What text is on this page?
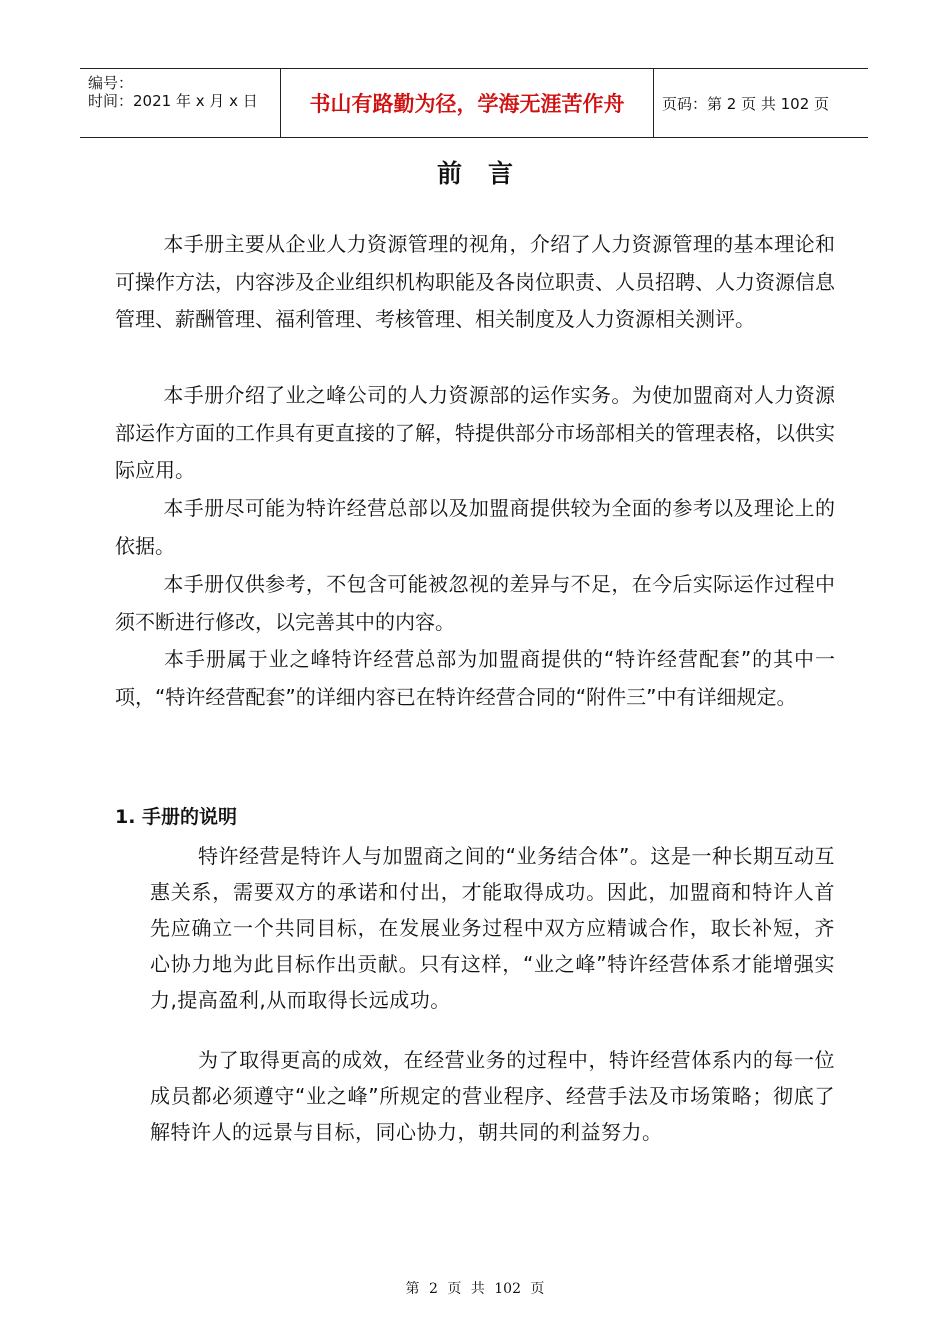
编号：
时间：2021 年 x 月 x 日	书山有路勤为径，学海无涯苦作舟	页码：第 2 页 共 102 页
前言

本手册主要从企业人力资源管理的视角，介绍了人力资源管理的基本理论和可操作方法，内容涉及企业组织机构职能及各岗位职责、人员招聘、人力资源信息管理、薪酬管理、福利管理、考核管理、相关制度及人力资源相关测评。

本手册介绍了业之峰公司的人力资源部的运作实务。为使加盟商对人力资源部运作方面的工作具有更直接的了解，特提供部分市场部相关的管理表格，以供实际应用。

本手册尽可能为特许经营总部以及加盟商提供较为全面的参考以及理论上的依据。

本手册仅供参考，不包含可能被忽视的差异与不足，在今后实际运作过程中须不断进行修改，以完善其中的内容。

本手册属于业之峰特许经营总部为加盟商提供的“特许经营配套”的其中一项，“特许经营配套”的详细内容已在特许经营合同的“附件三”中有详细规定。

1. 手册的说明

特许经营是特许人与加盟商之间的“业务结合体”。这是一种长期互动互惠关系，需要双方的承诺和付出，才能取得成功。因此，加盟商和特许人首先应确立一个共同目标，在发展业务过程中双方应精诚合作，取长补短，齐心协力地为此目标作出贡献。只有这样，“业之峰”特许经营体系才能增强实力,提高盈利,从而取得长远成功。

为了取得更高的成效，在经营业务的过程中，特许经营体系内的每一位成员都必须遵守“业之峰”所规定的营业程序、经营手法及市场策略；彻底了解特许人的远景与目标，同心协力，朝共同的利益努力。

第 2 页 共 102 页
